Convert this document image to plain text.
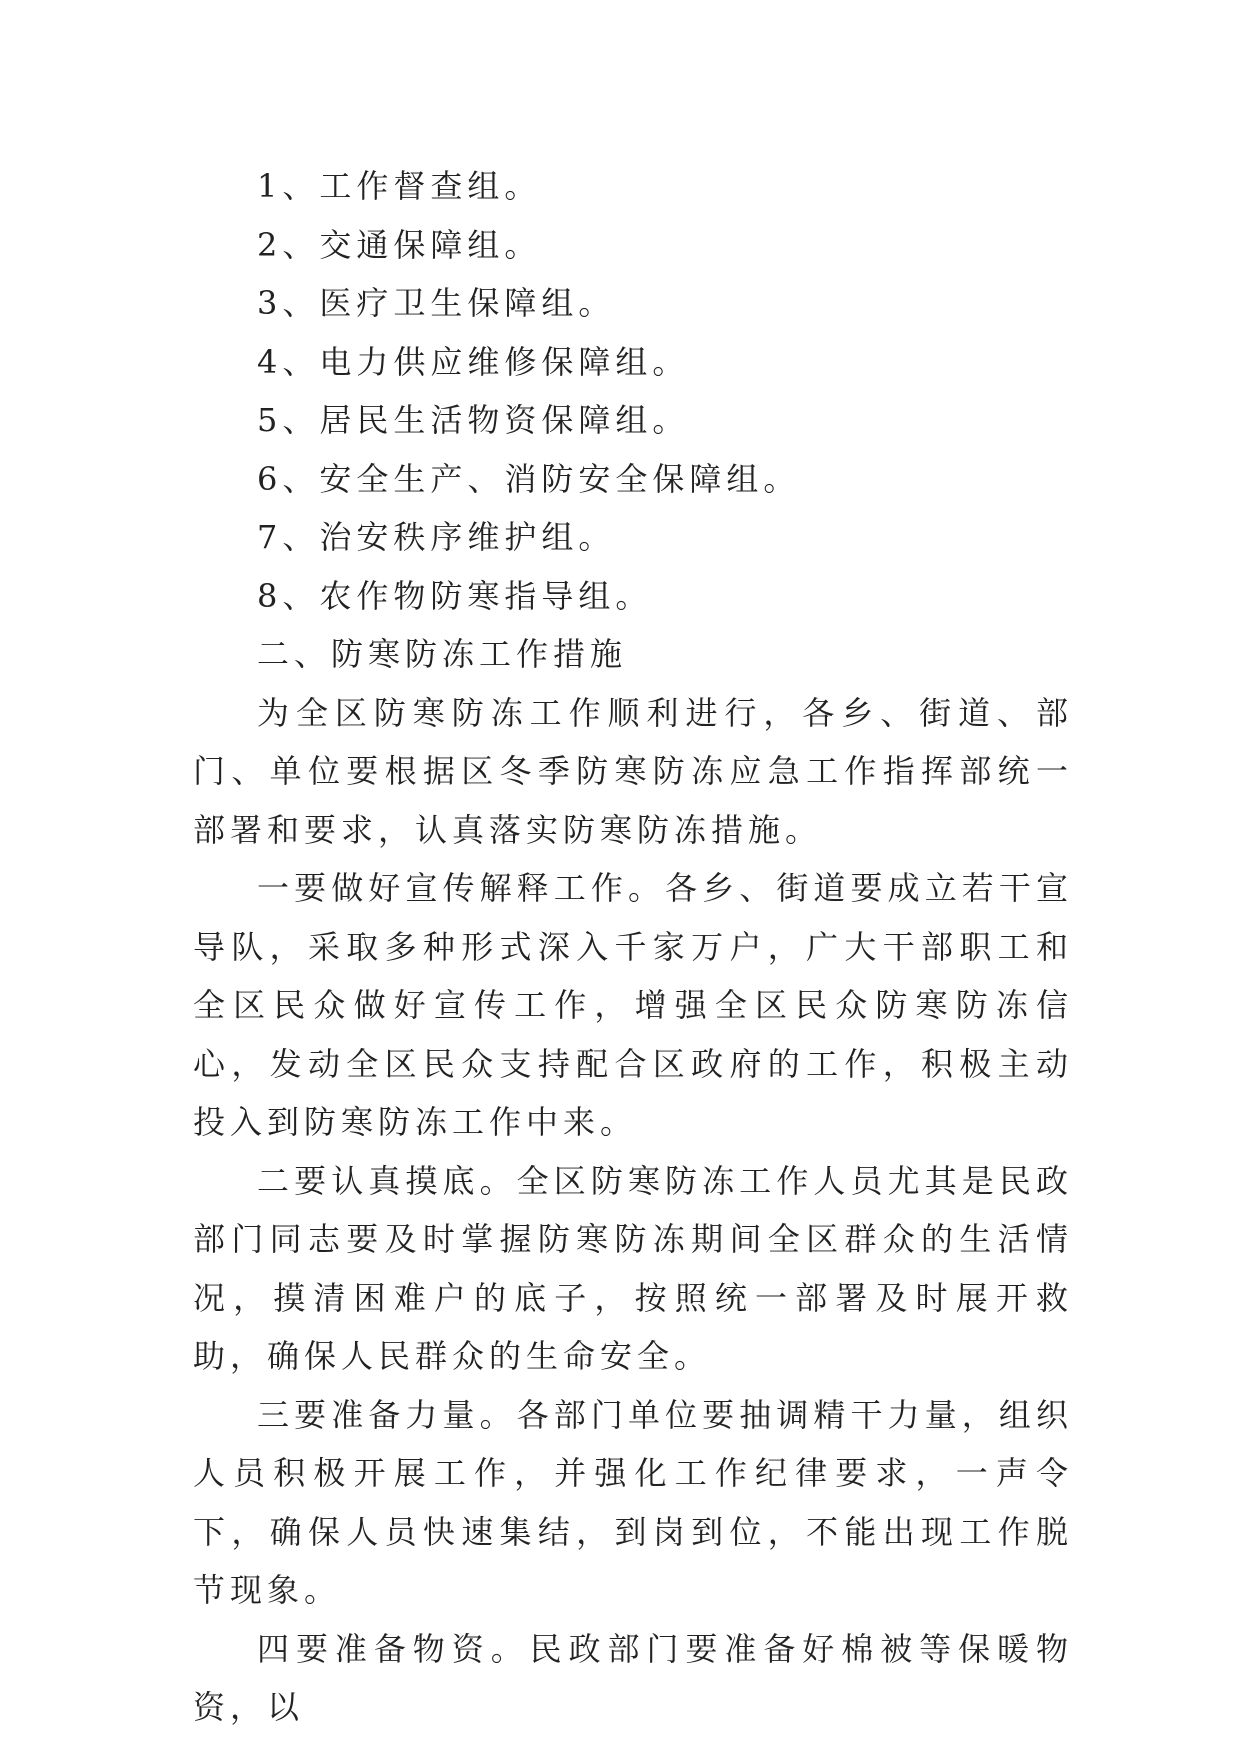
1、工作督查组。

2、交通保障组。

3、医疗卫生保障组。

4、电力供应维修保障组。

5、居民生活物资保障组。

6、安全生产、消防安全保障组。

7、治安秩序维护组。

8、农作物防寒指导组。

二、防寒防冻工作措施

为全区防寒防冻工作顺利进行，各乡、街道、部门、单位要根据区冬季防寒防冻应急工作指挥部统一部署和要求，认真落实防寒防冻措施。

一要做好宣传解释工作。各乡、街道要成立若干宣导队，采取多种形式深入千家万户，广大干部职工和全区民众做好宣传工作，增强全区民众防寒防冻信心，发动全区民众支持配合区政府的工作，积极主动投入到防寒防冻工作中来。

二要认真摸底。全区防寒防冻工作人员尤其是民政部门同志要及时掌握防寒防冻期间全区群众的生活情况，摸清困难户的底子，按照统一部署及时展开救助，确保人民群众的生命安全。

三要准备力量。各部门单位要抽调精干力量，组织人员积极开展工作，并强化工作纪律要求，一声令下，确保人员快速集结，到岗到位，不能出现工作脱节现象。

四要准备物资。民政部门要准备好棉被等保暖物资，以
